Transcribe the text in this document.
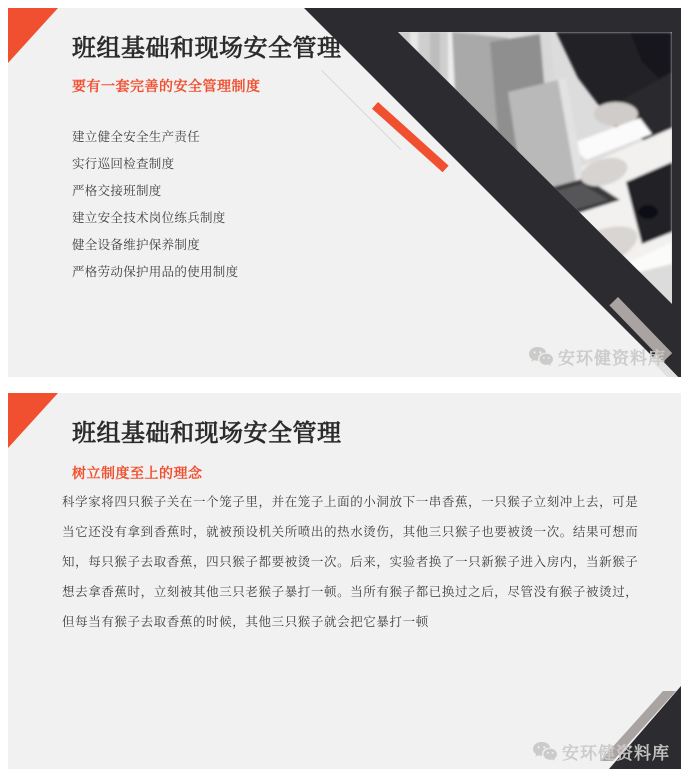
班组基础和现场安全管理
要有一套完善的安全管理制度
建立健全安全生产责任
实行巡回检查制度
严格交接班制度
建立安全技术岗位练兵制度
健全设备维护保养制度
严格劳动保护用品的使用制度
安环健资料库
班组基础和现场安全管理
树立制度至上的理念
科学家将四只猴子关在一个笼子里，并在笼子上面的小洞放下一串香蕉，一只猴子立刻冲上去，可是
当它还没有拿到香蕉时，就被预设机关所喷出的热水烫伤，其他三只猴子也要被烫一次。结果可想而
知，每只猴子去取香蕉，四只猴子都要被烫一次。后来，实验者换了一只新猴子进入房内，当新猴子
想去拿香蕉时，立刻被其他三只老猴子暴打一顿。当所有猴子都已换过之后，尽管没有猴子被烫过，
但每当有猴子去取香蕉的时候，其他三只猴子就会把它暴打一顿
安环健资料库
